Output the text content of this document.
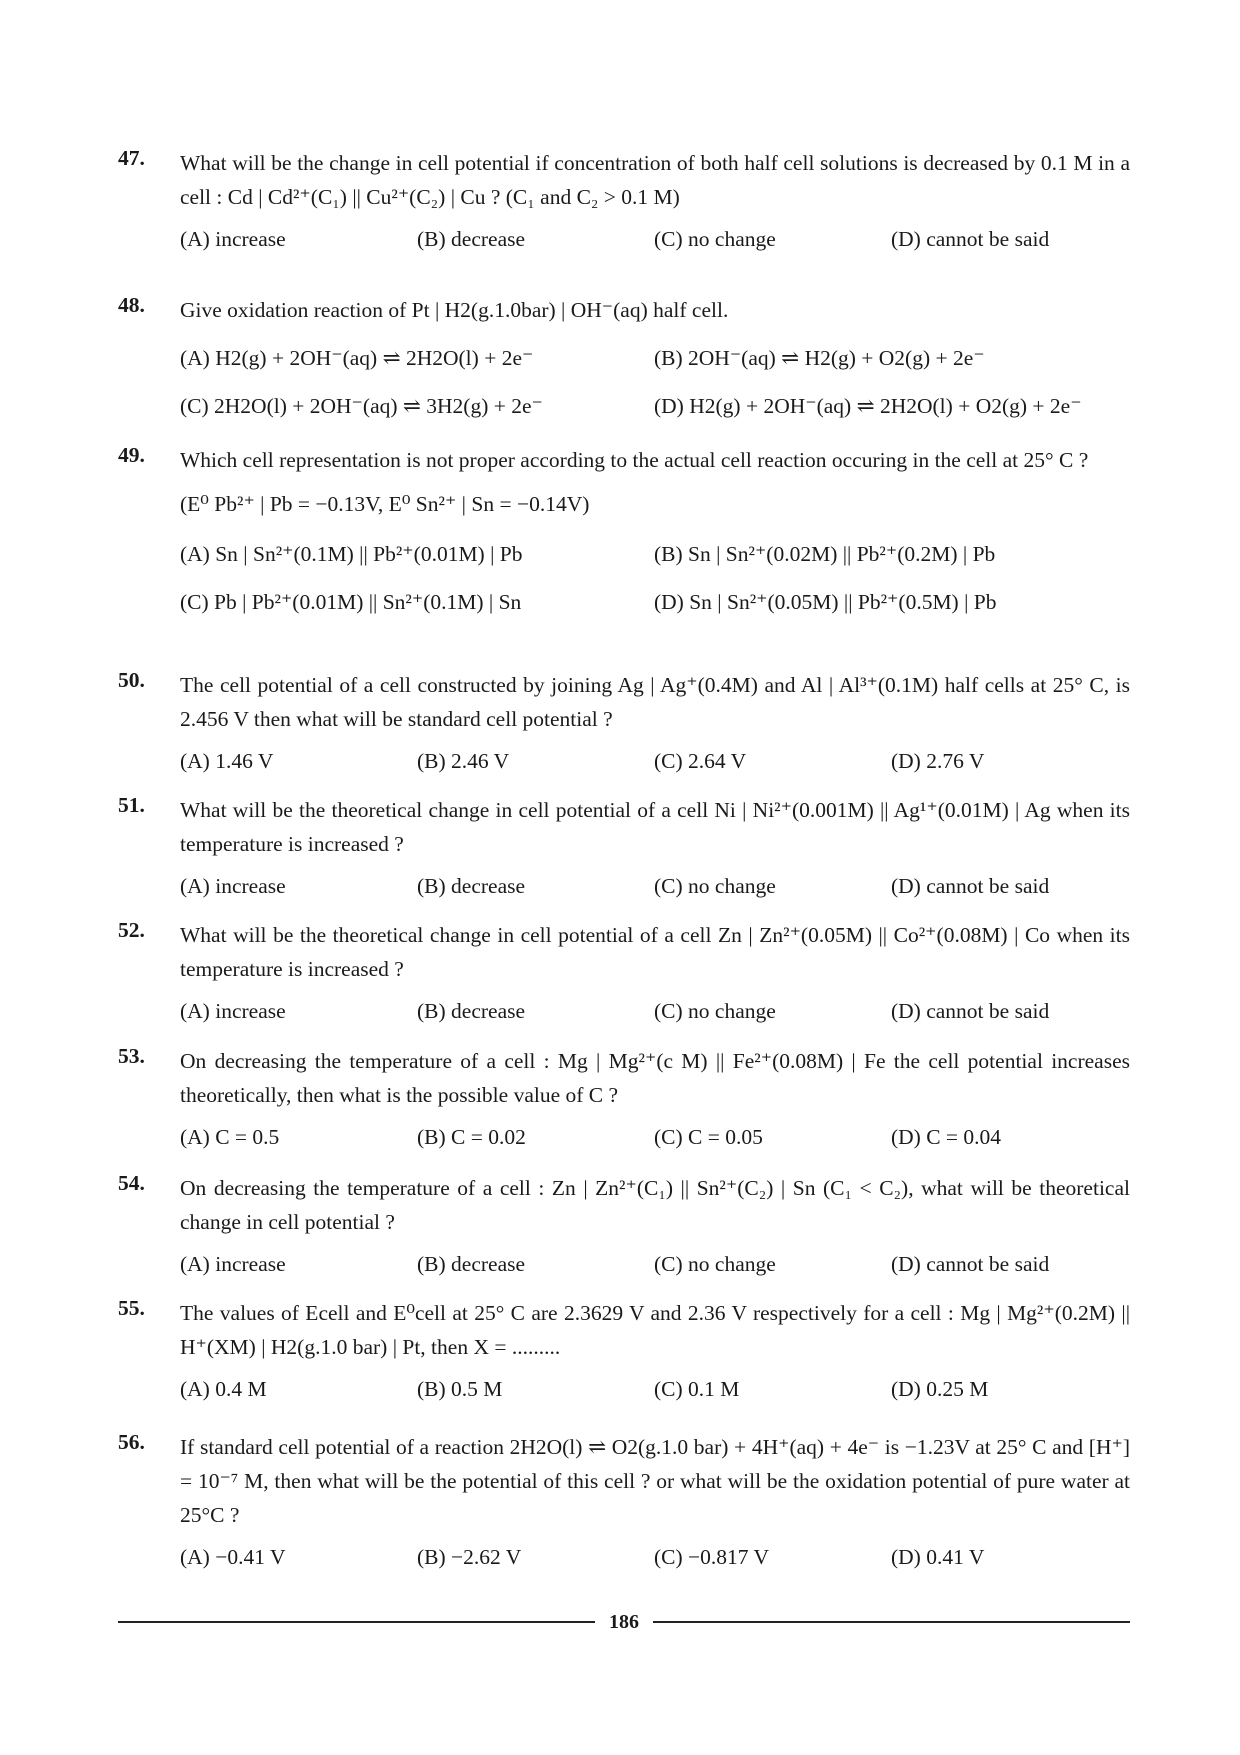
47.	What will be the change in cell potential if concentration of both half cell solutions is decreased by 0.1 M in a cell : Cd | Cd²⁺(C₁) || Cu²⁺(C₂) | Cu ? (C₁ and C₂ > 0.1 M)
(A) increase	(B) decrease	(C) no change	(D) cannot be said
48.	Give oxidation reaction of Pt | H2(g.1.0bar) | OH⁻(aq) half cell.
(A) H2(g) + 2OH⁻(aq) ⇌ 2H2O(l) + 2e⁻	(B) 2OH⁻(aq) ⇌ H2(g) + O2(g) + 2e⁻
(C) 2H2O(l) + 2OH⁻(aq) ⇌ 3H2(g) + 2e⁻	(D) H2(g) + 2OH⁻(aq) ⇌ 2H2O(l) + O2(g) + 2e⁻
49.	Which cell representation is not proper according to the actual cell reaction occuring in the cell at 25° C ?
(E⁰ Pb²⁺ | Pb = −0.13V, E⁰ Sn²⁺ | Sn = −0.14V)
(A) Sn | Sn²⁺(0.1M) || Pb²⁺(0.01M) | Pb	(B) Sn | Sn²⁺(0.02M) || Pb²⁺(0.2M) | Pb
(C) Pb | Pb²⁺(0.01M) || Sn²⁺(0.1M) | Sn	(D) Sn | Sn²⁺(0.05M) || Pb²⁺(0.5M) | Pb
50.	The cell potential of a cell constructed by joining Ag | Ag⁺(0.4M) and Al | Al³⁺(0.1M) half cells at 25° C, is 2.456 V then what will be standard cell potential ?
(A) 1.46 V	(B) 2.46 V	(C) 2.64 V	(D) 2.76 V
51.	What will be the theoretical change in cell potential of a cell Ni | Ni²⁺(0.001M) || Ag¹⁺(0.01M) | Ag when its temperature is increased ?
(A) increase	(B) decrease	(C) no change	(D) cannot be said
52.	What will be the theoretical change in cell potential of a cell Zn | Zn²⁺(0.05M) || Co²⁺(0.08M) | Co when its temperature is increased ?
(A) increase	(B) decrease	(C) no change	(D) cannot be said
53.	On decreasing the temperature of a cell : Mg | Mg²⁺(c M) || Fe²⁺(0.08M) | Fe the cell potential increases theoretically, then what is the possible value of C ?
(A) C = 0.5	(B) C = 0.02	(C) C = 0.05	(D) C = 0.04
54.	On decreasing the temperature of a cell : Zn | Zn²⁺(C₁) || Sn²⁺(C₂) | Sn (C₁ < C₂), what will be theoretical change in cell potential ?
(A) increase	(B) decrease	(C) no change	(D) cannot be said
55.	The values of Ecell and E⁰cell at 25° C are 2.3629 V and 2.36 V respectively for a cell : Mg | Mg²⁺(0.2M) || H⁺(XM) | H2(g.1.0 bar) | Pt, then X = .........
(A) 0.4 M	(B) 0.5 M	(C) 0.1 M	(D) 0.25 M
56.	If standard cell potential of a reaction 2H2O(l) ⇌ O2(g.1.0 bar) + 4H⁺(aq) + 4e⁻ is −1.23V at 25° C and [H⁺] = 10⁻⁷ M, then what will be the potential of this cell ? or what will be the oxidation potential of pure water at 25°C ?
(A) −0.41 V	(B) −2.62 V	(C) −0.817 V	(D) 0.41 V
186
